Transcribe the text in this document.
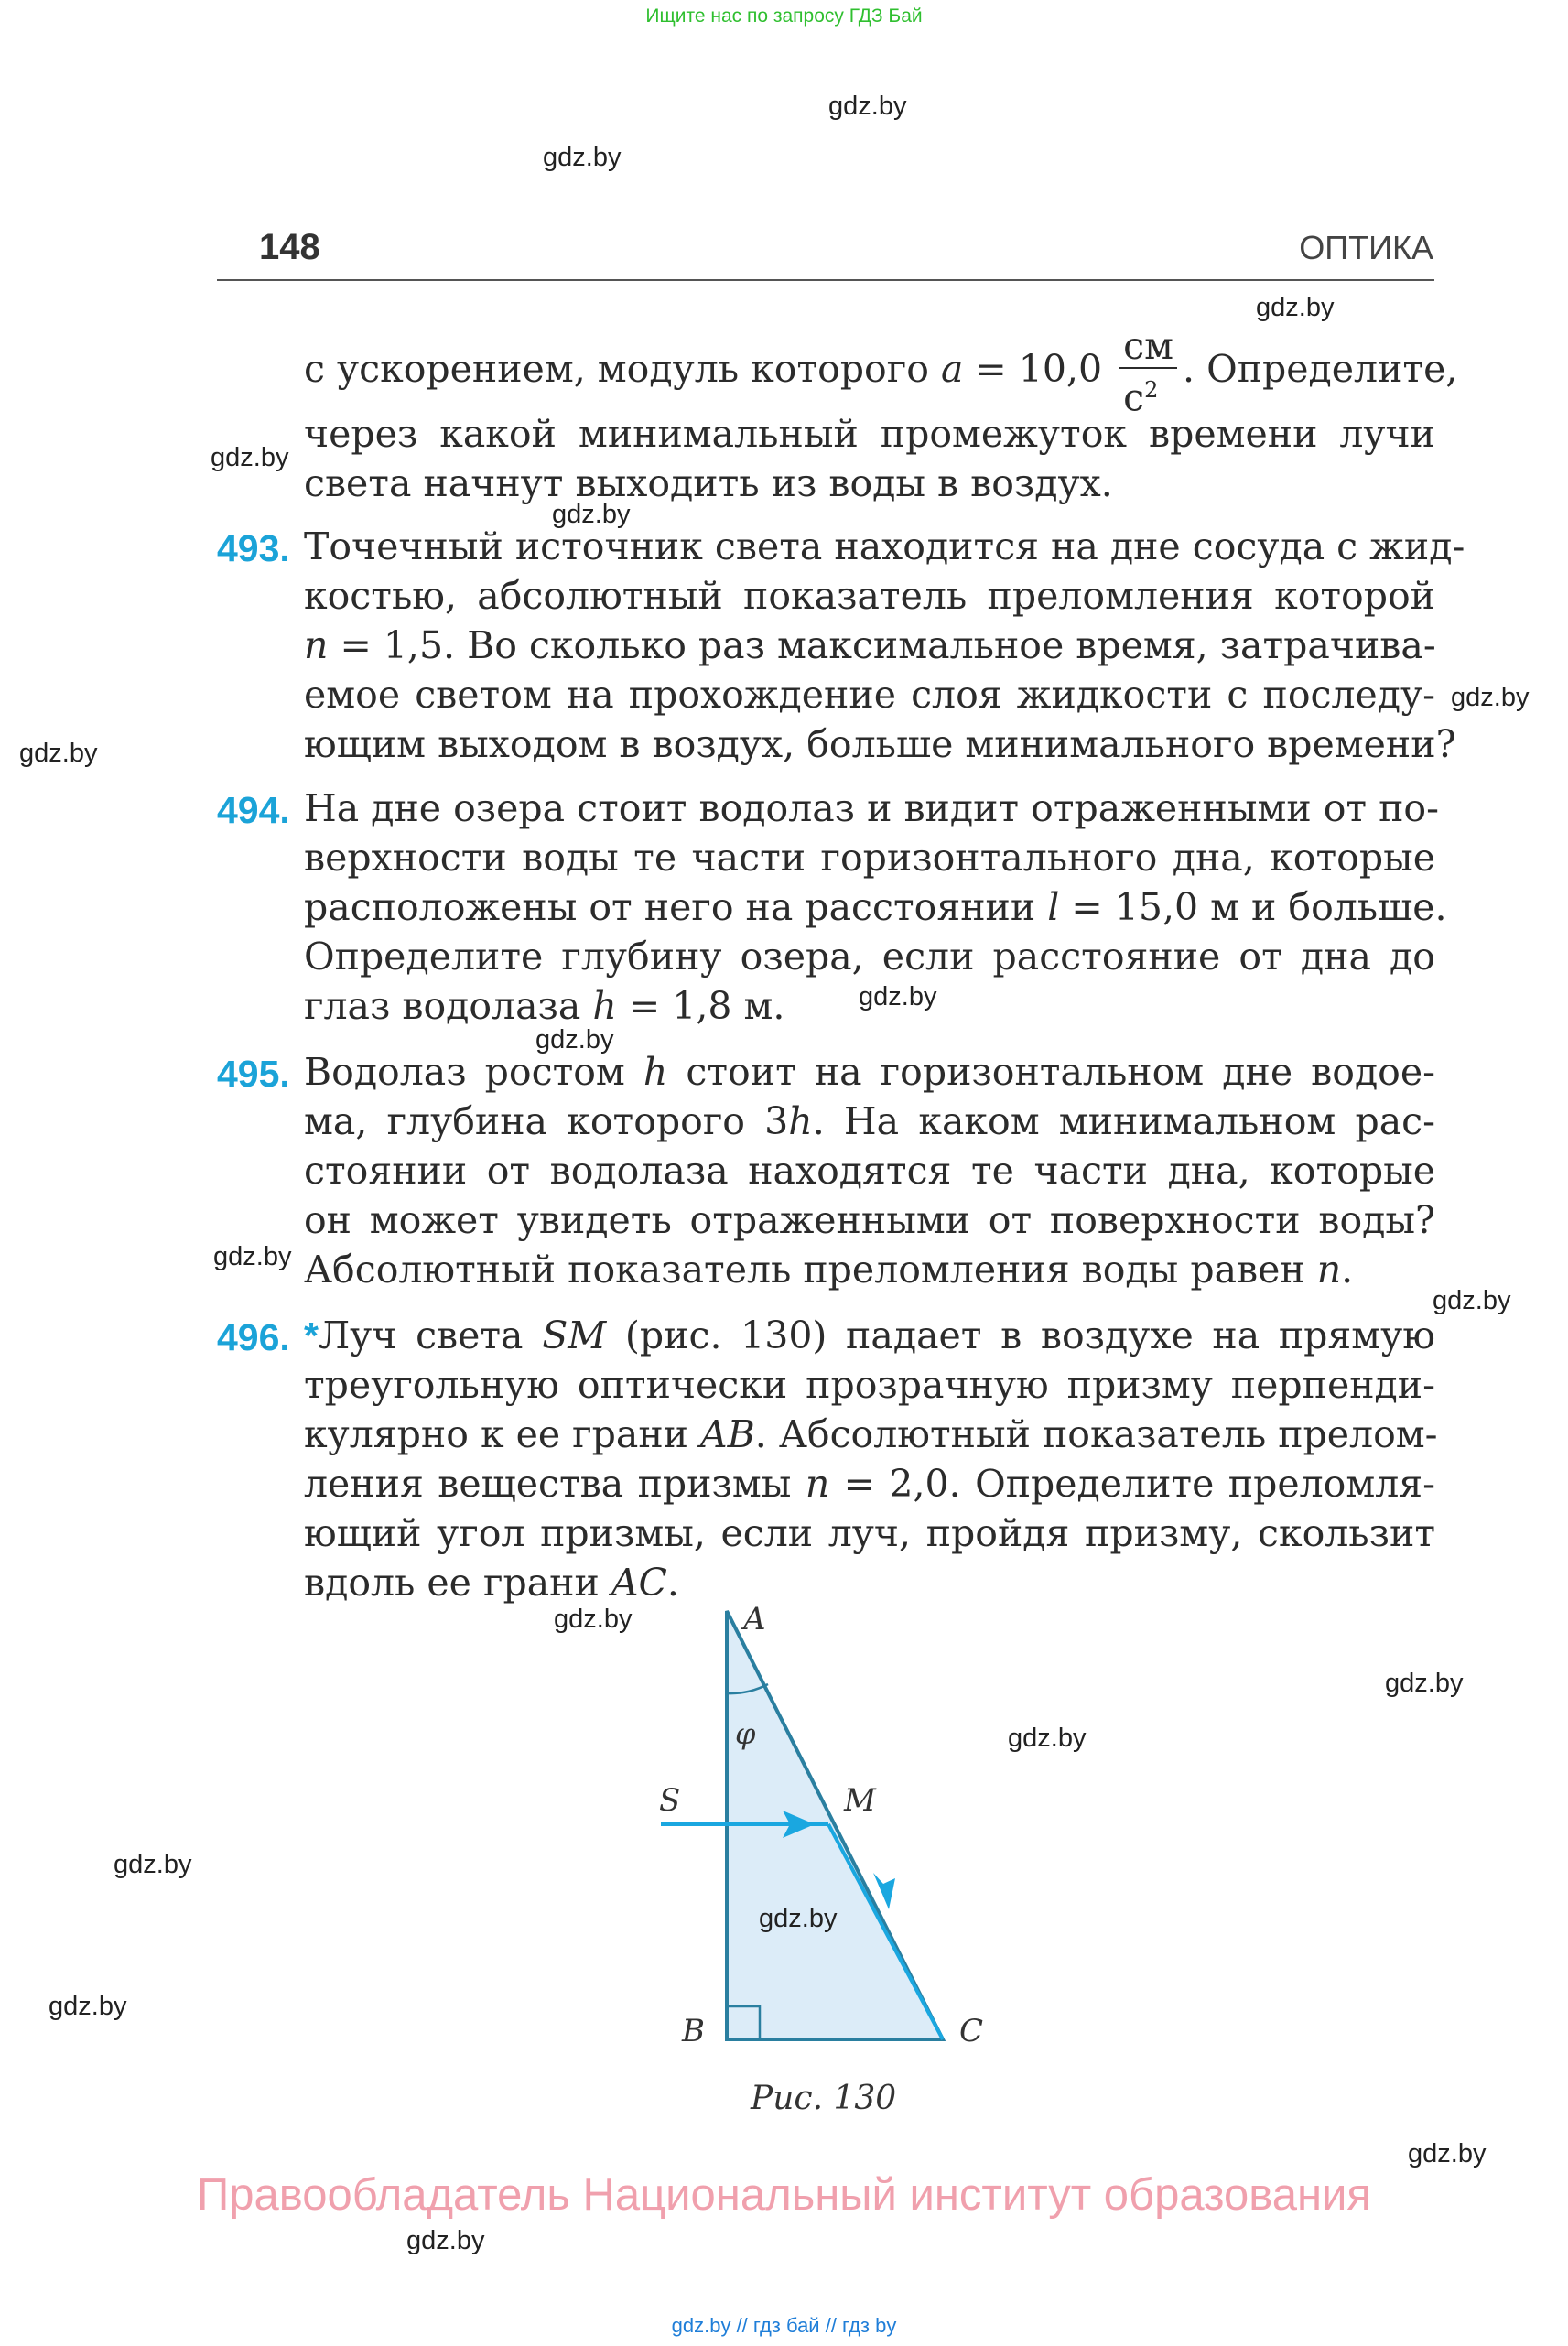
Ищите нас по запросу ГДЗ Бай
148	ОПТИКА
с ускорением, модуль которого $a = 10,0 \frac{см}{с^2}$ . Определите,
через какой минимальный промежуток времени лучи
света начнут выходить из воды в воздух.
493. Точечный источник света находится на дне сосуда с жид-
костью, абсолютный показатель преломления которой
n = 1,5. Во сколько раз максимальное время, затрачива-
емое светом на прохождение слоя жидкости с последу-
ющим выходом в воздух, больше минимального времени?
494. На дне озера стоит водолаз и видит отраженными от по-
верхности воды те части горизонтального дна, которые
расположены от него на расстоянии l = 15,0 м и больше.
Определите глубину озера, если расстояние от дна до
глаз водолаза h = 1,8 м.
495. Водолаз ростом h стоит на горизонтальном дне водое-
ма, глубина которого 3h. На каком минимальном рас-
стоянии от водолаза находятся те части дна, которые
он может увидеть отраженными от поверхности воды?
Абсолютный показатель преломления воды равен n.
496. *Луч света SM (рис. 130) падает в воздухе на прямую
треугольную оптически прозрачную призму перпенди-
кулярно к ее грани AB. Абсолютный показатель прелом-
ления вещества призмы n = 2,0. Определите преломля-
ющий угол призмы, если луч, пройдя призму, скользит
вдоль ее грани AC.
A
φ
S	M
B	C
Рис. 130
Правообладатель Национальный институт образования
gdz.by // гдз бай // гдз by
gdz.by
gdz.by
gdz.by
gdz.by
gdz.by
gdz.by
gdz.by
gdz.by
gdz.by
gdz.by
gdz.by
gdz.by
gdz.by
gdz.by
gdz.by
gdz.by
gdz.by
gdz.by
gdz.by
